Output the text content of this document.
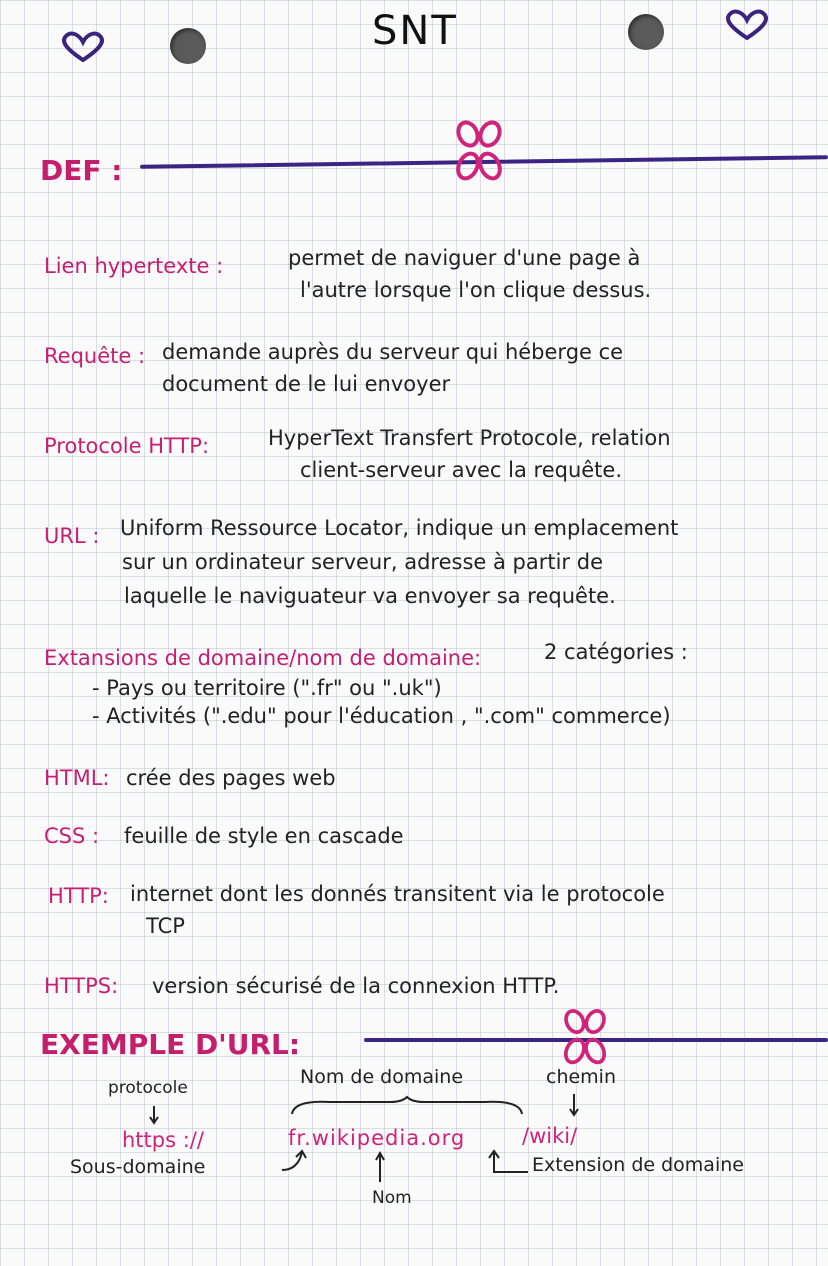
SNT
DEF :
Lien hypertexte :	permet de naviguer d'une page à
l'autre lorsque l'on clique dessus.
Requête : demande auprès du serveur qui héberge ce
document de le lui envoyer
Protocole HTTP:	HyperText Transfert Protocole, relation
client-serveur avec la requête.
URL : Uniform Ressource Locator, indique un emplacement
sur un ordinateur serveur, adresse à partir de
laquelle le naviguateur va envoyer sa requête.
Extansions de domaine/nom de domaine:	2 catégories :
- Pays ou territoire (".fr" ou ".uk")
- Activités (".edu" pour l'éducation , ".com" commerce)
HTML: crée des pages web
CSS : feuille de style en cascade
HTTP: internet dont les donnés transitent via le protocole
TCP
HTTPS: version sécurisé de la connexion HTTP.
EXEMPLE D'URL:
protocole	Nom de domaine	chemin
https ://	fr.wikipedia.org	/wiki/
Sous-domaine	Extension de domaine
Nom
